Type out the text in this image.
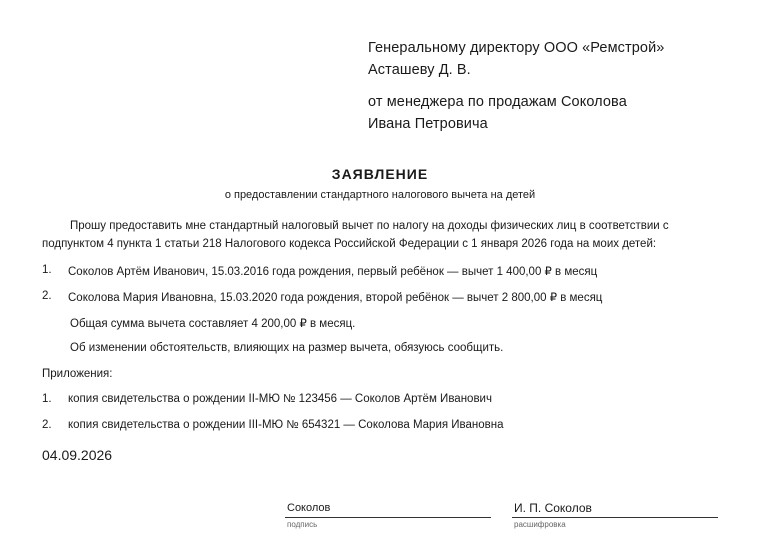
Генеральному директору ООО «Ремстрой»
Асташеву Д. В.
от менеджера по продажам Соколова
Ивана Петровича
ЗАЯВЛЕНИЕ
о предоставлении стандартного налогового вычета на детей
Прошу предоставить мне стандартный налоговый вычет по налогу на доходы физических лиц в соответствии с
подпунктом 4 пункта 1 статьи 218 Налогового кодекса Российской Федерации с 1 января 2026 года на моих детей:
1. Соколов Артём Иванович, 15.03.2016 года рождения, первый ребёнок — вычет 1 400,00 ₽ в месяц
2. Соколова Мария Ивановна, 15.03.2020 года рождения, второй ребёнок — вычет 2 800,00 ₽ в месяц
Общая сумма вычета составляет 4 200,00 ₽ в месяц.
Об изменении обстоятельств, влияющих на размер вычета, обязуюсь сообщить.
Приложения:
1. копия свидетельства о рождении II-МЮ № 123456 — Соколов Артём Иванович
2. копия свидетельства о рождении III-МЮ № 654321 — Соколова Мария Ивановна
04.09.2026
Соколов
подпись
И. П. Соколов
расшифровка
